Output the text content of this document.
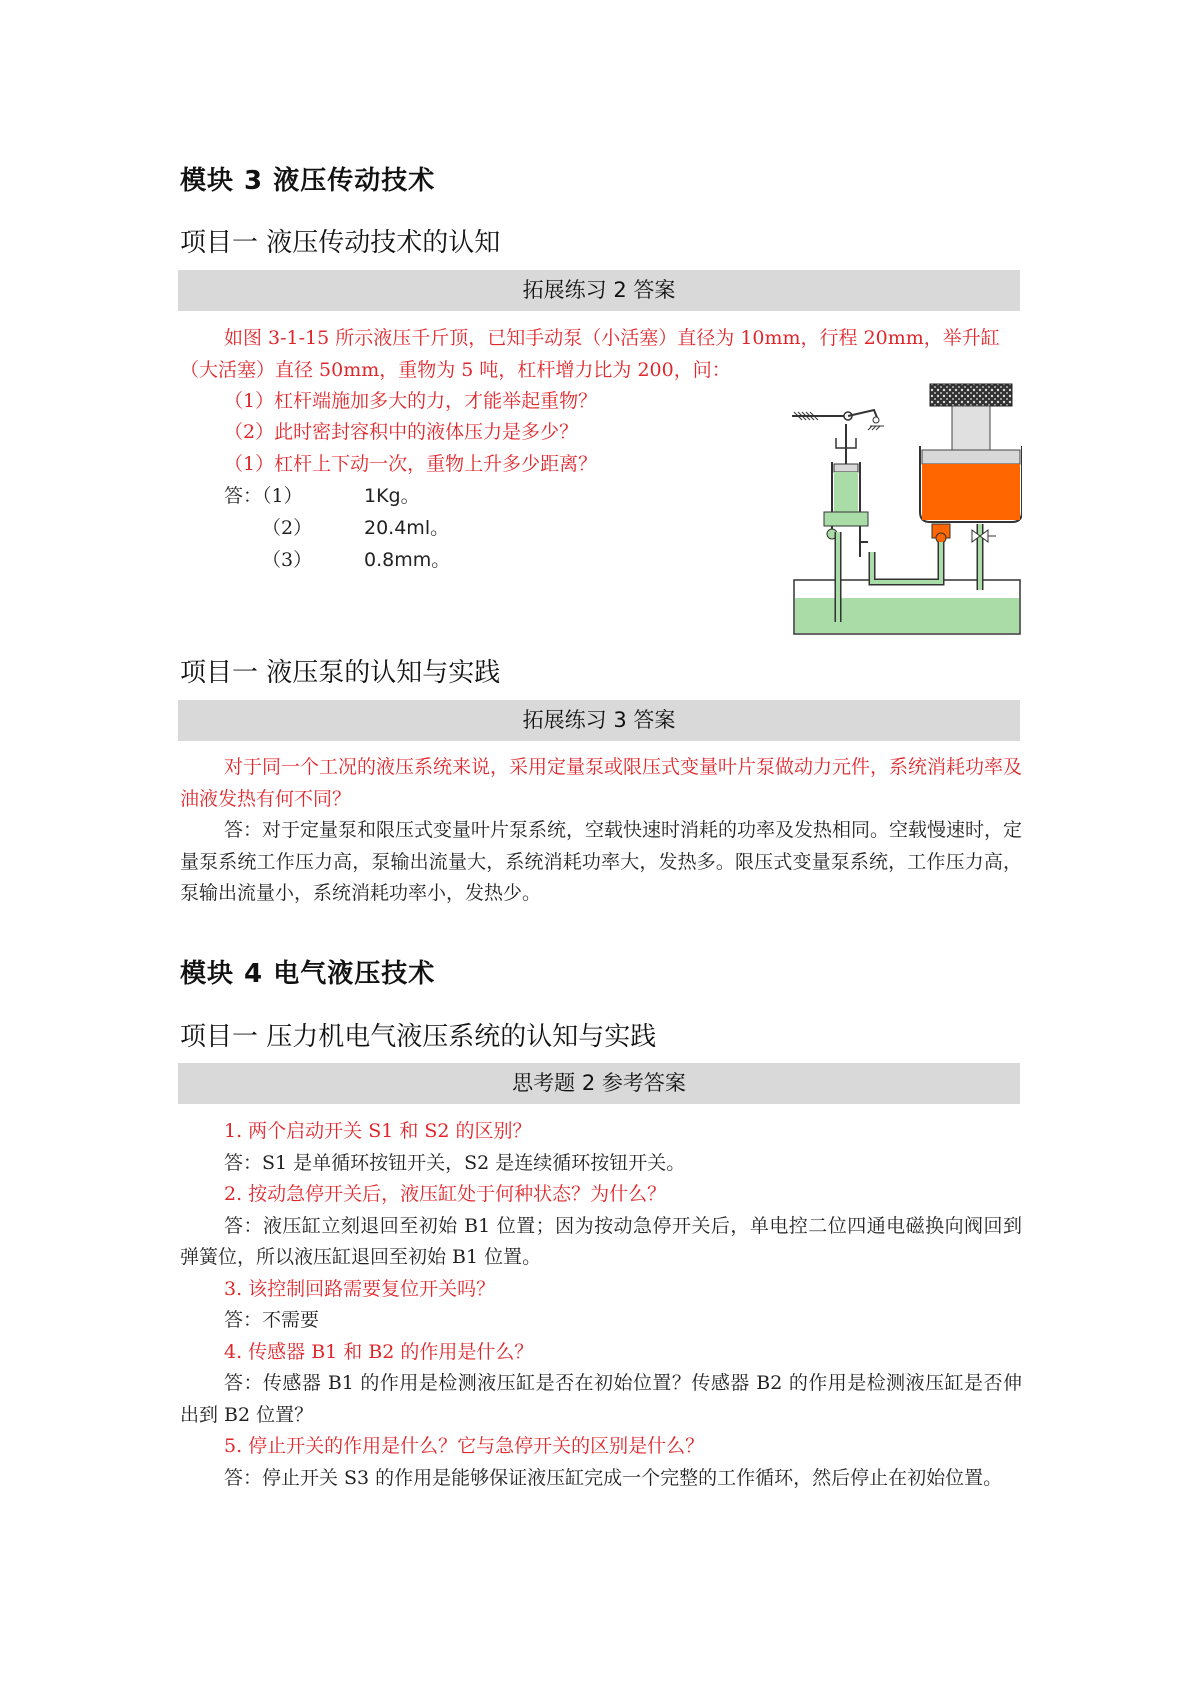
模块 3 液压传动技术
项目一 液压传动技术的认知
拓展练习 2 答案
如图 3-1-15 所示液压千斤顶，已知手动泵（小活塞）直径为 10mm，行程 20mm，举升缸
（大活塞）直径 50mm，重物为 5 吨，杠杆增力比为 200，问：
（1）杠杆端施加多大的力，才能举起重物？
（2）此时密封容积中的液体压力是多少？
（1）杠杆上下动一次，重物上升多少距离？
答：（1）	1Kg。
（2）	20.4ml。
（3）	0.8mm。
项目一 液压泵的认知与实践
拓展练习 3 答案
对于同一个工况的液压系统来说，采用定量泵或限压式变量叶片泵做动力元件，系统消耗功率及油液发热有何不同？
答：对于定量泵和限压式变量叶片泵系统，空载快速时消耗的功率及发热相同。空载慢速时，定量泵系统工作压力高，泵输出流量大，系统消耗功率大，发热多。限压式变量泵系统，工作压力高，泵输出流量小，系统消耗功率小，发热少。
模块 4 电气液压技术
项目一 压力机电气液压系统的认知与实践
思考题 2 参考答案
1. 两个启动开关 S1 和 S2 的区别？
答：S1 是单循环按钮开关，S2 是连续循环按钮开关。
2. 按动急停开关后，液压缸处于何种状态？为什么？
答：液压缸立刻退回至初始 B1 位置；因为按动急停开关后，单电控二位四通电磁换向阀回到弹簧位，所以液压缸退回至初始 B1 位置。
3. 该控制回路需要复位开关吗？
答：不需要
4. 传感器 B1 和 B2 的作用是什么？
答：传感器 B1 的作用是检测液压缸是否在初始位置？传感器 B2 的作用是检测液压缸是否伸出到 B2 位置？
5. 停止开关的作用是什么？它与急停开关的区别是什么？
答：停止开关 S3 的作用是能够保证液压缸完成一个完整的工作循环，然后停止在初始位置。
